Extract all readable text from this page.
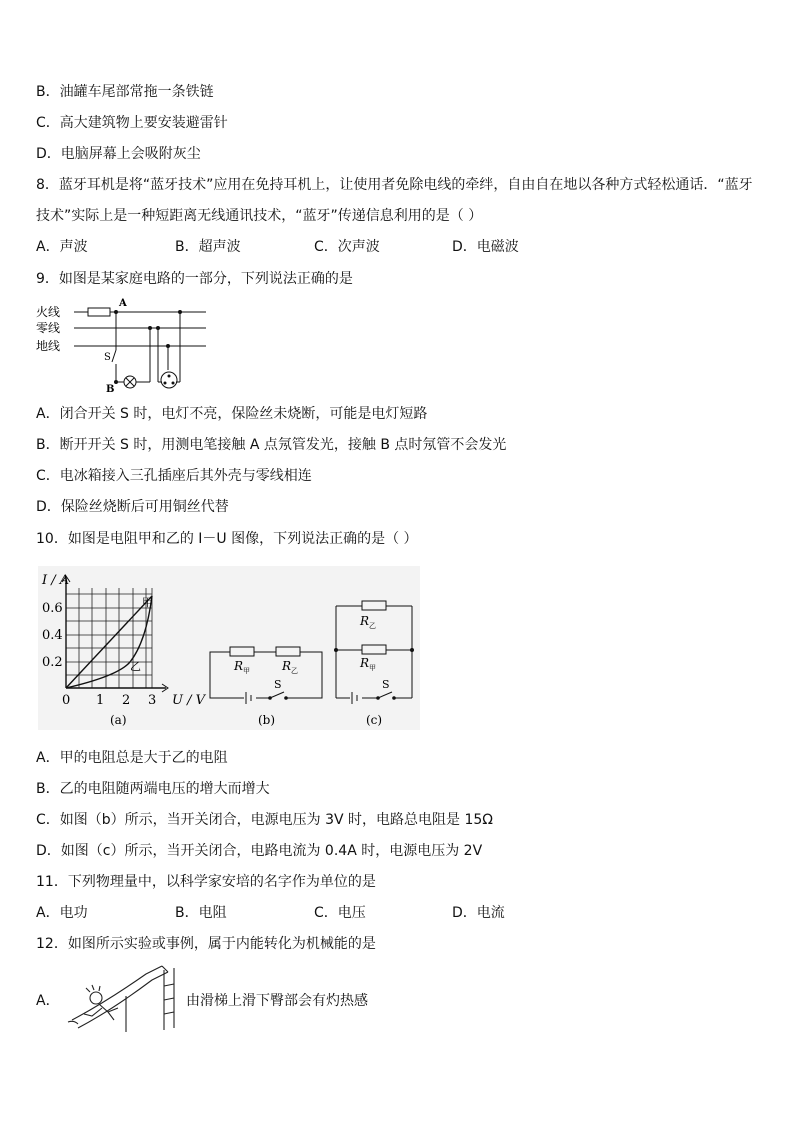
B．油罐车尾部常拖一条铁链
C．高大建筑物上要安装避雷针
D．电脑屏幕上会吸附灰尘
8．蓝牙耳机是将“蓝牙技术”应用在免持耳机上，让使用者免除电线的牵绊，自由自在地以各种方式轻松通话．“蓝牙
技术”实际上是一种短距离无线通讯技术，“蓝牙”传递信息利用的是（ ）
A．声波	B．超声波	C．次声波	D．电磁波
9．如图是某家庭电路的一部分，下列说法正确的是
火线
零线
地线
A
S
B
A．闭合开关 S 时，电灯不亮，保险丝未烧断，可能是电灯短路
B．断开开关 S 时，用测电笔接触 A 点氖管发光，接触 B 点时氖管不会发光
C．电冰箱接入三孔插座后其外壳与零线相连
D．保险丝烧断后可用铜丝代替
10．如图是电阻甲和乙的 I－U 图像，下列说法正确的是（ ）
I / A
U / V
0.6
0.4
0.2
0 1 2 3
甲
乙
(a)
R 甲	R 乙
S
(b)
R 乙
R 甲
S
(c)
A．甲的电阻总是大于乙的电阻
B．乙的电阻随两端电压的增大而增大
C．如图（b）所示，当开关闭合，电源电压为 3V 时，电路总电阻是 15Ω
D．如图（c）所示，当开关闭合，电路电流为 0.4A 时，电源电压为 2V
11．下列物理量中，以科学家安培的名字作为单位的是
A．电功	B．电阻	C．电压	D．电流
12．如图所示实验或事例，属于内能转化为机械能的是
A．	由滑梯上滑下臀部会有灼热感
